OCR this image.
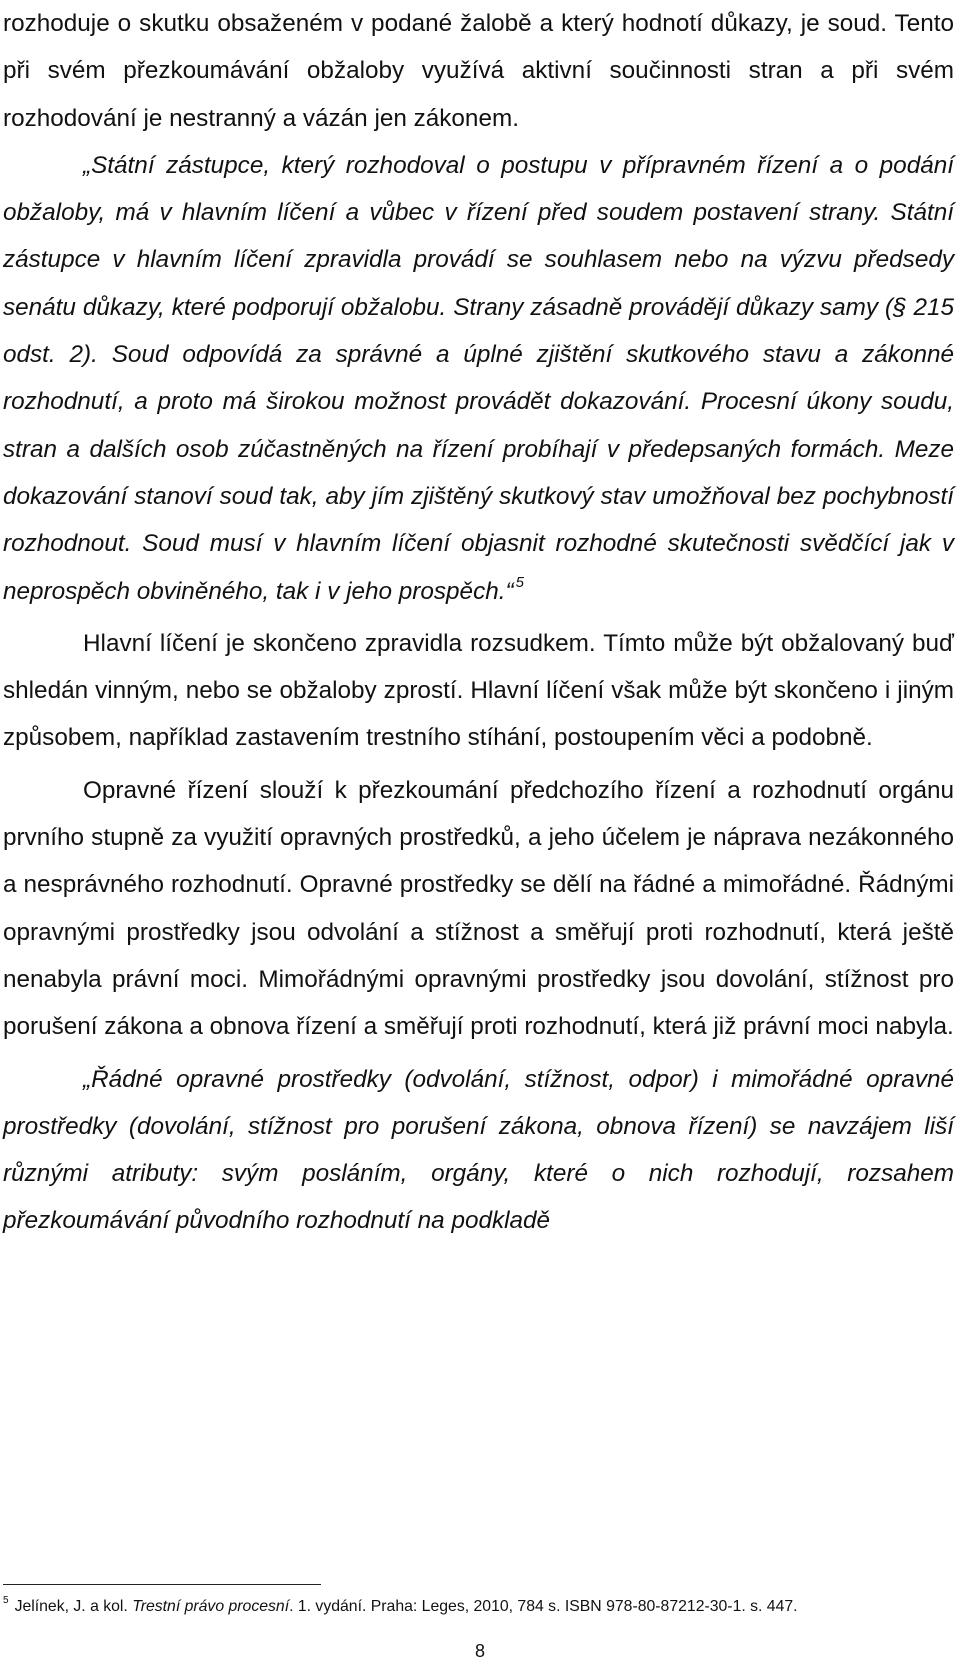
rozhoduje o skutku obsaženém v podané žalobě a který hodnotí důkazy, je soud. Tento při svém přezkoumávání obžaloby využívá aktivní součinnosti stran a při svém rozhodování je nestranný a vázán jen zákonem.

„Státní zástupce, který rozhodoval o postupu v přípravném řízení a o podání obžaloby, má v hlavním líčení a vůbec v řízení před soudem postavení strany. Státní zástupce v hlavním líčení zpravidla provádí se souhlasem nebo na výzvu předsedy senátu důkazy, které podporují obžalobu. Strany zásadně provádějí důkazy samy (§ 215 odst. 2). Soud odpovídá za správné a úplné zjištění skutkového stavu a zákonné rozhodnutí, a proto má širokou možnost provádět dokazování. Procesní úkony soudu, stran a dalších osob zúčastněných na řízení probíhají v předepsaných formách. Meze dokazování stanoví soud tak, aby jím zjištěný skutkový stav umožňoval bez pochybností rozhodnout. Soud musí v hlavním líčení objasnit rozhodné skutečnosti svědčící jak v neprospěch obviněného, tak i v jeho prospěch.“ $^5$

Hlavní líčení je skončeno zpravidla rozsudkem. Tímto může být obžalovaný buď shledán vinným, nebo se obžaloby zprostí. Hlavní líčení však může být skončeno i jiným způsobem, například zastavením trestního stíhání, postoupením věci a podobně.

Opravné řízení slouží k přezkoumání předchozího řízení a rozhodnutí orgánu prvního stupně za využití opravných prostředků, a jeho účelem je náprava nezákonného a nesprávného rozhodnutí. Opravné prostředky se dělí na řádné a mimořádné. Řádnými opravnými prostředky jsou odvolání a stížnost a směřují proti rozhodnutí, která ještě nenabyla právní moci. Mimořádnými opravnými prostředky jsou dovolání, stížnost pro porušení zákona a obnova řízení a směřují proti rozhodnutí, která již právní moci nabyla.

„Řádné opravné prostředky (odvolání, stížnost, odpor) i mimořádné opravné prostředky (dovolání, stížnost pro porušení zákona, obnova řízení) se navzájem liší různými atributy: svým posláním, orgány, které o nich rozhodují, rozsahem přezkoumávání původního rozhodnutí na podkladě

$^5$ Jelínek, J. a kol. Trestní právo procesní. 1. vydání. Praha: Leges, 2010, 784 s. ISBN 978-80-87212-30-1. s. 447.
8
